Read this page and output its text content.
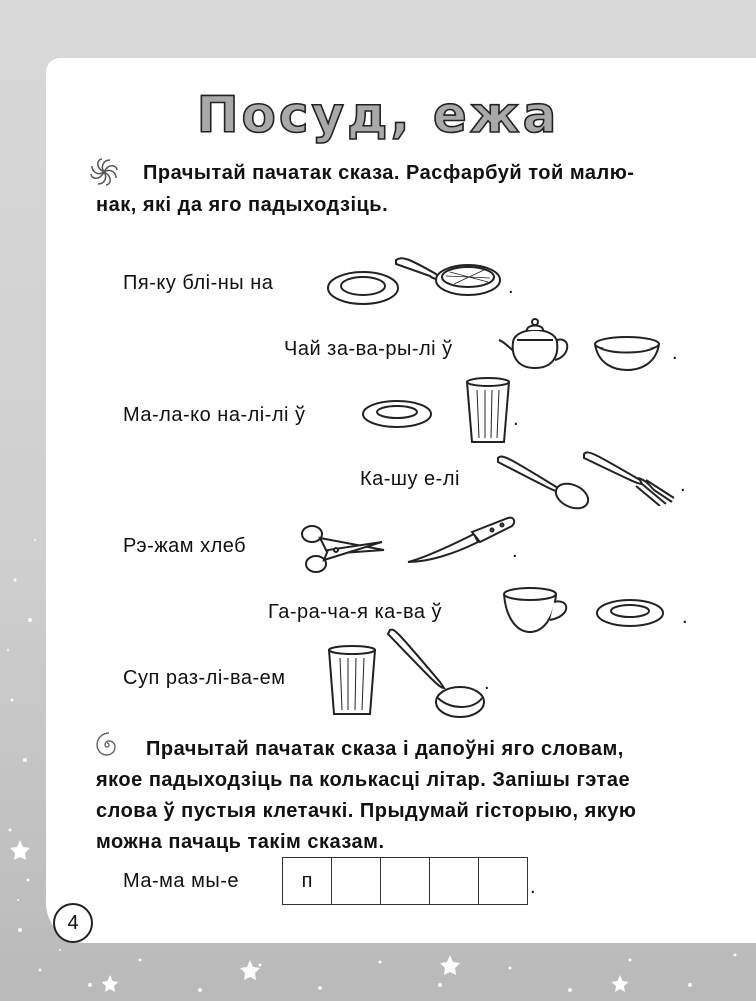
Посуд, ежа

Прачытай пачатак сказа. Расфарбуй той малю-

нак, які да яго падыходзіць.

Пя-ку блі-ны на	.
Чай за-ва-ры-лі ў	.
Ма-ла-ко на-лі-лі ў	.
Ка-шу е-лі	.
Рэ-жам хлеб	.
Га-ра-ча-я ка-ва ў	.
Суп раз-лі-ва-ем	.

Прачытай пачатак сказа і дапоўні яго словам,

якое падыходзіць па колькасці літар. Запішы гэтае

слова ў пустыя клетачкі. Прыдумай гісторыю, якую

можна пачаць такім сказам.

Ма-ма мы-е	п	.
4
